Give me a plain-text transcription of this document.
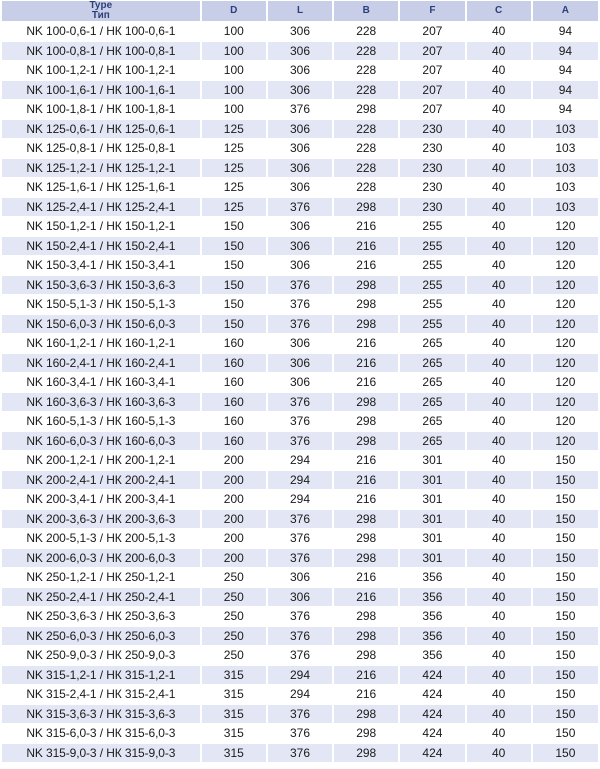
Type
Тип	D	L	B	F	C	A
NK 100-0,6-1 / НК 100-0,6-1	100	306	228	207	40	94
NK 100-0,8-1 / НК 100-0,8-1	100	306	228	207	40	94
NK 100-1,2-1 / НК 100-1,2-1	100	306	228	207	40	94
NK 100-1,6-1 / НК 100-1,6-1	100	306	228	207	40	94
NK 100-1,8-1 / НК 100-1,8-1	100	376	298	207	40	94
NK 125-0,6-1 / НК 125-0,6-1	125	306	228	230	40	103
NK 125-0,8-1 / НК 125-0,8-1	125	306	228	230	40	103
NK 125-1,2-1 / НК 125-1,2-1	125	306	228	230	40	103
NK 125-1,6-1 / НК 125-1,6-1	125	306	228	230	40	103
NK 125-2,4-1 / НК 125-2,4-1	125	376	298	230	40	103
NK 150-1,2-1 / НК 150-1,2-1	150	306	216	255	40	120
NK 150-2,4-1 / НК 150-2,4-1	150	306	216	255	40	120
NK 150-3,4-1 / НК 150-3,4-1	150	306	216	255	40	120
NK 150-3,6-3 / НК 150-3,6-3	150	376	298	255	40	120
NK 150-5,1-3 / НК 150-5,1-3	150	376	298	255	40	120
NK 150-6,0-3 / НК 150-6,0-3	150	376	298	255	40	120
NK 160-1,2-1 / НК 160-1,2-1	160	306	216	265	40	120
NK 160-2,4-1 / НК 160-2,4-1	160	306	216	265	40	120
NK 160-3,4-1 / НК 160-3,4-1	160	306	216	265	40	120
NK 160-3,6-3 / НК 160-3,6-3	160	376	298	265	40	120
NK 160-5,1-3 / НК 160-5,1-3	160	376	298	265	40	120
NK 160-6,0-3 / НК 160-6,0-3	160	376	298	265	40	120
NK 200-1,2-1 / НК 200-1,2-1	200	294	216	301	40	150
NK 200-2,4-1 / НК 200-2,4-1	200	294	216	301	40	150
NK 200-3,4-1 / НК 200-3,4-1	200	294	216	301	40	150
NK 200-3,6-3 / НК 200-3,6-3	200	376	298	301	40	150
NK 200-5,1-3 / НК 200-5,1-3	200	376	298	301	40	150
NK 200-6,0-3 / НК 200-6,0-3	200	376	298	301	40	150
NK 250-1,2-1 / НК 250-1,2-1	250	306	216	356	40	150
NK 250-2,4-1 / НК 250-2,4-1	250	306	216	356	40	150
NK 250-3,6-3 / НК 250-3,6-3	250	376	298	356	40	150
NK 250-6,0-3 / НК 250-6,0-3	250	376	298	356	40	150
NK 250-9,0-3 / НК 250-9,0-3	250	376	298	356	40	150
NK 315-1,2-1 / НК 315-1,2-1	315	294	216	424	40	150
NK 315-2,4-1 / НК 315-2,4-1	315	294	216	424	40	150
NK 315-3,6-3 / НК 315-3,6-3	315	376	298	424	40	150
NK 315-6,0-3 / НК 315-6,0-3	315	376	298	424	40	150
NK 315-9,0-3 / НК 315-9,0-3	315	376	298	424	40	150
